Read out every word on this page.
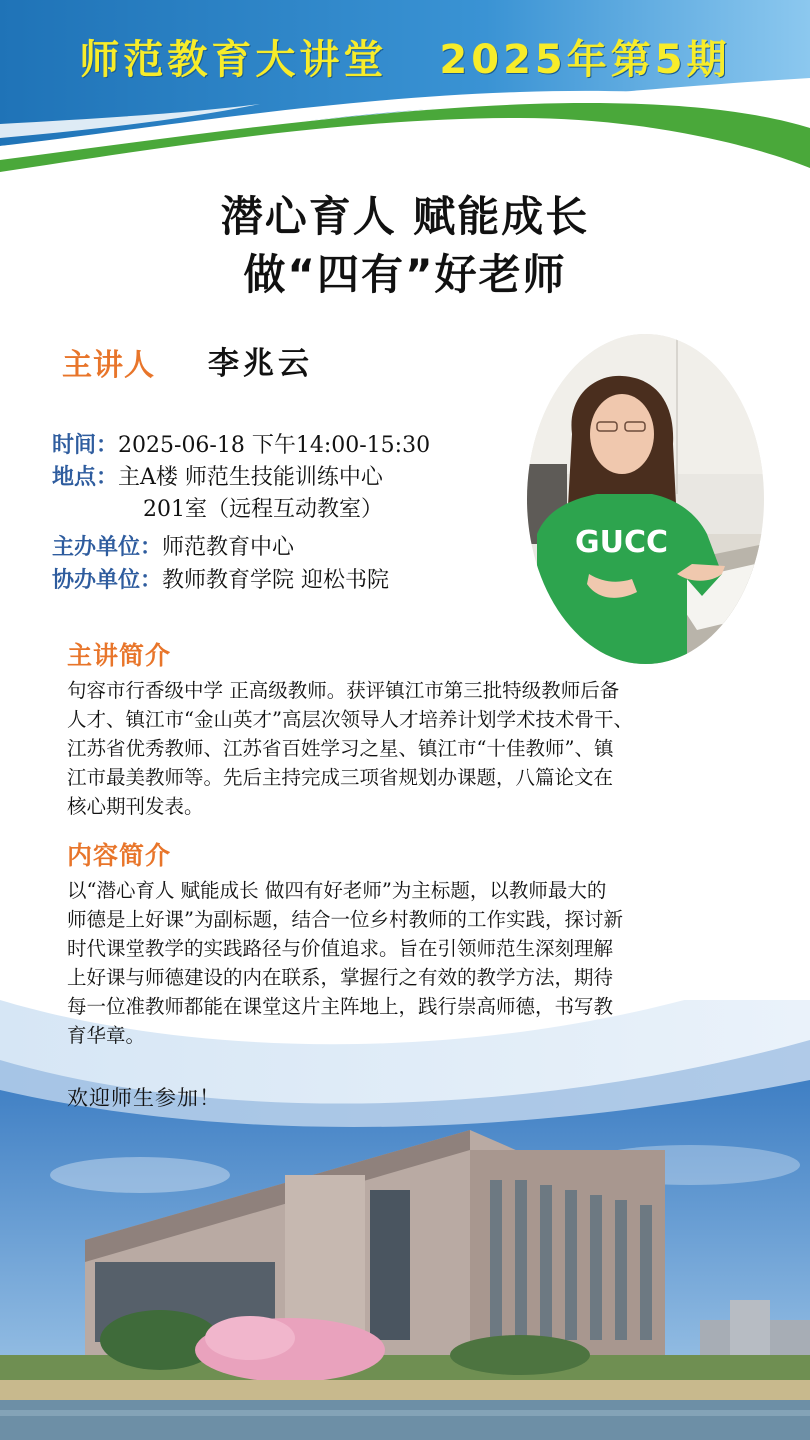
师范教育大讲堂 2025年第5期
潜心育人 赋能成长
做“四有”好老师
主讲人 李兆云
时间：2025-06-18 下午14:00-15:30
地点：主A楼 师范生技能训练中心
201室（远程互动教室）
主办单位：师范教育中心
协办单位：教师教育学院 迎松书院
GUCC
主讲简介
句容市行香级中学 正高级教师。获评镇江市第三批特级教师后备
人才、镇江市“金山英才”高层次领导人才培养计划学术技术骨干、
江苏省优秀教师、江苏省百姓学习之星、镇江市“十佳教师”、镇
江市最美教师等。先后主持完成三项省规划办课题，八篇论文在
核心期刊发表。
内容简介
以“潜心育人 赋能成长 做四有好老师”为主标题，以教师最大的
师德是上好课”为副标题，结合一位乡村教师的工作实践，探讨新
时代课堂教学的实践路径与价值追求。旨在引领师范生深刻理解
上好课与师德建设的内在联系，掌握行之有效的教学方法，期待
每一位准教师都能在课堂这片主阵地上，践行崇高师德，书写教
育华章。
欢迎师生参加！
